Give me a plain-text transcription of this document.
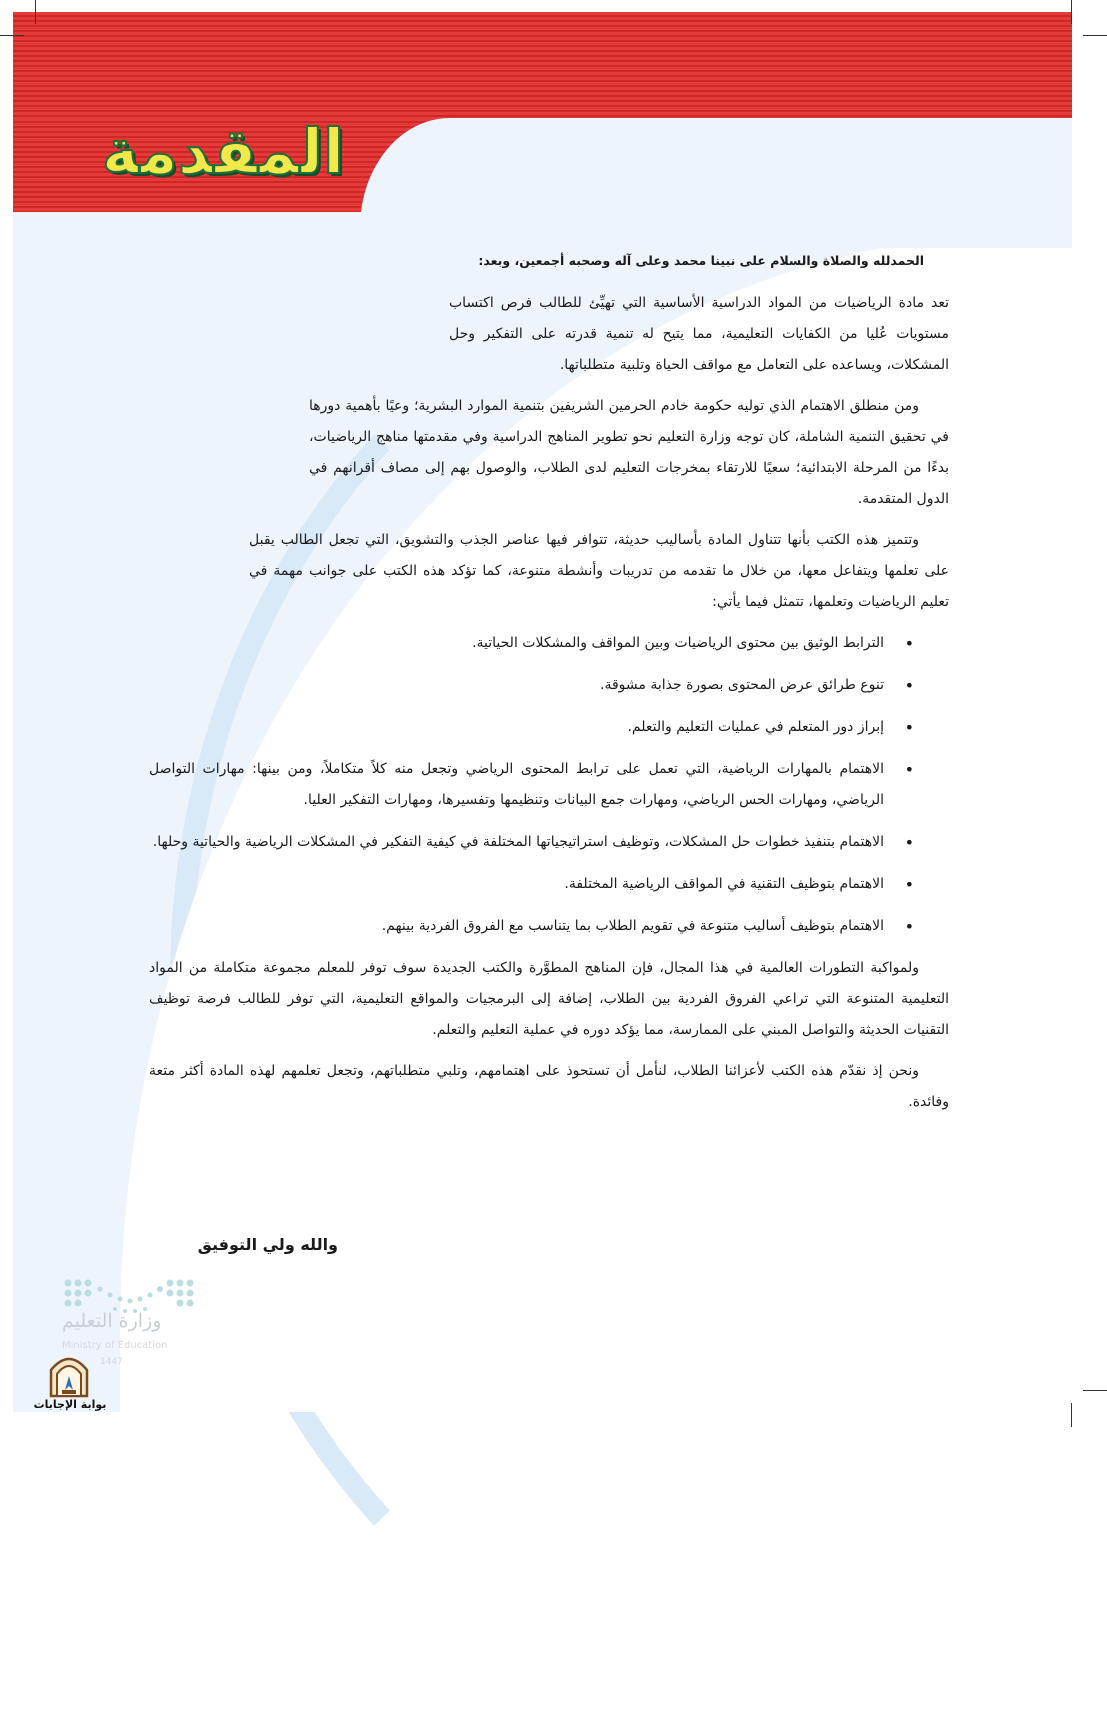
المقدمة
الحمدلله والصلاة والسلام على نبينا محمد وعلى آله وصحبه أجمعين، وبعد:

تعد مادة الرياضيات من المواد الدراسية الأساسية التي تهيِّئ للطالب فرص اكتساب مستويات عُليا من الكفايات التعليمية، مما يتيح له تنمية قدرته على التفكير وحل المشكلات، ويساعده على التعامل مع مواقف الحياة وتلبية متطلباتها.

ومن منطلق الاهتمام الذي توليه حكومة خادم الحرمين الشريفين بتنمية الموارد البشرية؛ وعيًا بأهمية دورها في تحقيق التنمية الشاملة، كان توجه وزارة التعليم نحو تطوير المناهج الدراسية وفي مقدمتها مناهج الرياضيات، بدءًا من المرحلة الابتدائية؛ سعيًا للارتقاء بمخرجات التعليم لدى الطلاب، والوصول بهم إلى مصاف أقرانهم في الدول المتقدمة.

وتتميز هذه الكتب بأنها تتناول المادة بأساليب حديثة، تتوافر فيها عناصر الجذب والتشويق، التي تجعل الطالب يقبل على تعلمها ويتفاعل معها، من خلال ما تقدمه من تدريبات وأنشطة متنوعة، كما تؤكد هذه الكتب على جوانب مهمة في تعليم الرياضيات وتعلمها، تتمثل فيما يأتي:

• الترابط الوثيق بين محتوى الرياضيات وبين المواقف والمشكلات الحياتية.
• تنوع طرائق عرض المحتوى بصورة جذابة مشوقة.
• إبراز دور المتعلم في عمليات التعليم والتعلم.
• الاهتمام بالمهارات الرياضية، التي تعمل على ترابط المحتوى الرياضي وتجعل منه كلاً متكاملاً، ومن بينها: مهارات التواصل الرياضي، ومهارات الحس الرياضي، ومهارات جمع البيانات وتنظيمها وتفسيرها، ومهارات التفكير العليا.
• الاهتمام بتنفيذ خطوات حل المشكلات، وتوظيف استراتيجياتها المختلفة في كيفية التفكير في المشكلات الرياضية والحياتية وحلها.
• الاهتمام بتوظيف التقنية في المواقف الرياضية المختلفة.
• الاهتمام بتوظيف أساليب متنوعة في تقويم الطلاب بما يتناسب مع الفروق الفردية بينهم.

ولمواكبة التطورات العالمية في هذا المجال، فإن المناهج المطوَّرة والكتب الجديدة سوف توفر للمعلم مجموعة متكاملة من المواد التعليمية المتنوعة التي تراعي الفروق الفردية بين الطلاب، إضافة إلى البرمجيات والمواقع التعليمية، التي توفر للطالب فرصة توظيف التقنيات الحديثة والتواصل المبني على الممارسة، مما يؤكد دوره في عملية التعليم والتعلم.

ونحن إذ نقدّم هذه الكتب لأعزائنا الطلاب، لنأمل أن تستحوذ على اهتمامهم، وتلبي متطلباتهم، وتجعل تعلمهم لهذه المادة أكثر متعة وفائدة.

والله ولي التوفيق
وزارة التعليم
Ministry of Education
1447
بوابة الإجابات
